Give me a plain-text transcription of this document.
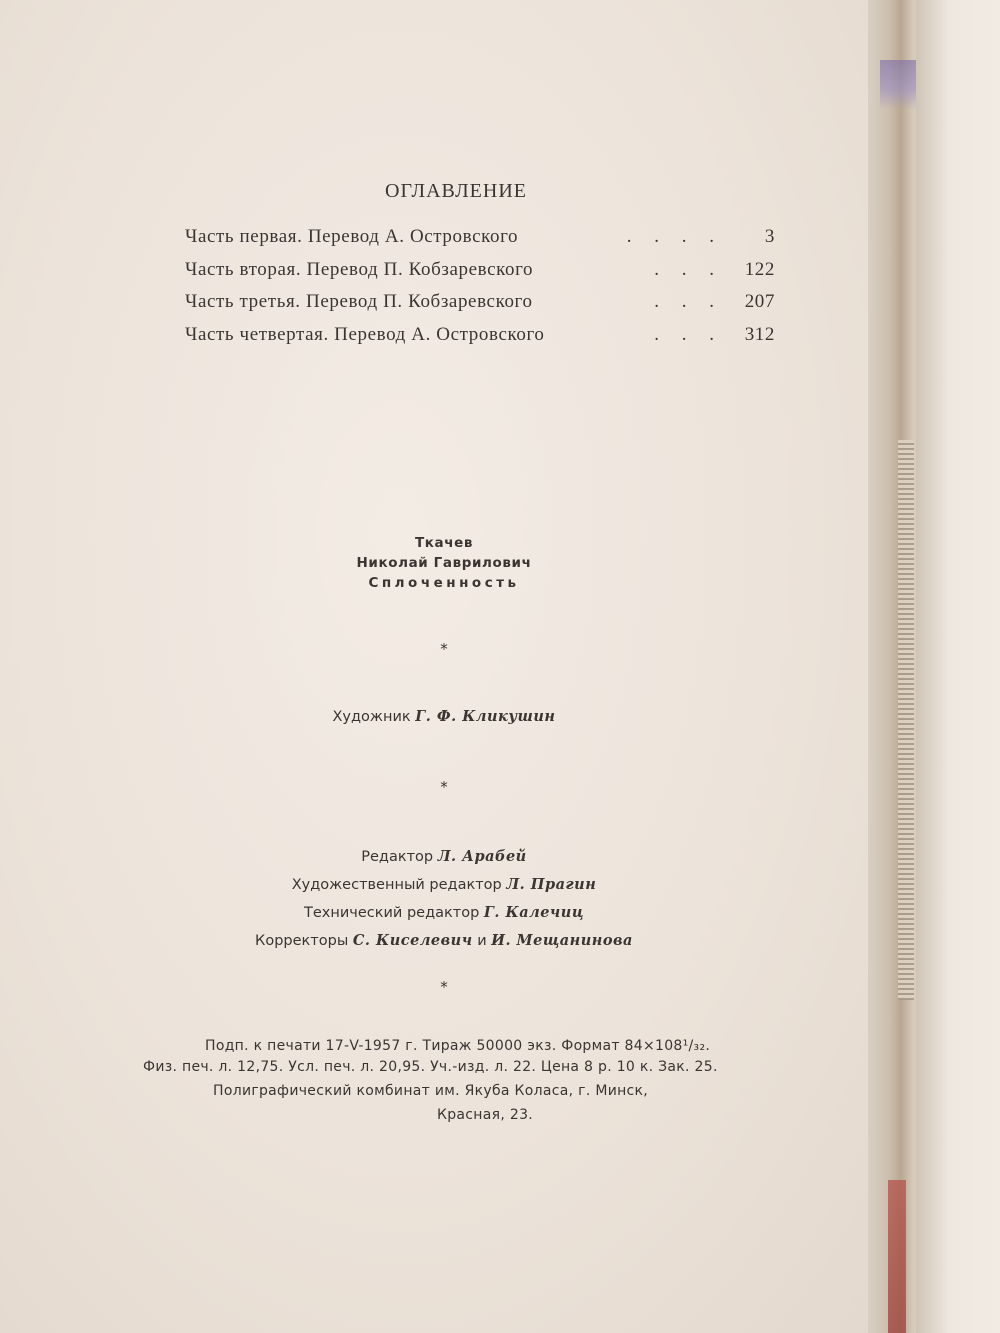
ОГЛАВЛЕНИЕ
Часть первая. Перевод А. Островского	. . . .	3
Часть вторая. Перевод П. Кобзаревского	. . .	122
Часть третья. Перевод П. Кобзаревского	. . .	207
Часть четвертая. Перевод А. Островского	. . .	312
Ткачев
Николай Гаврилович
Сплоченность
*
Художник Г. Ф. Кликушин
*
Редактор Л. Арабей
Художественный редактор Л. Прагин
Технический редактор Г. Калечиц
Корректоры С. Киселевич и И. Мещанинова
*
Подп. к печати 17-V-1957 г. Тираж 50000 экз. Формат 84×108¹/₃₂.
Физ. печ. л. 12,75. Усл. печ. л. 20,95. Уч.-изд. л. 22. Цена 8 р. 10 к. Зак. 25.
Полиграфический комбинат им. Якуба Коласа, г. Минск,
Красная, 23.
